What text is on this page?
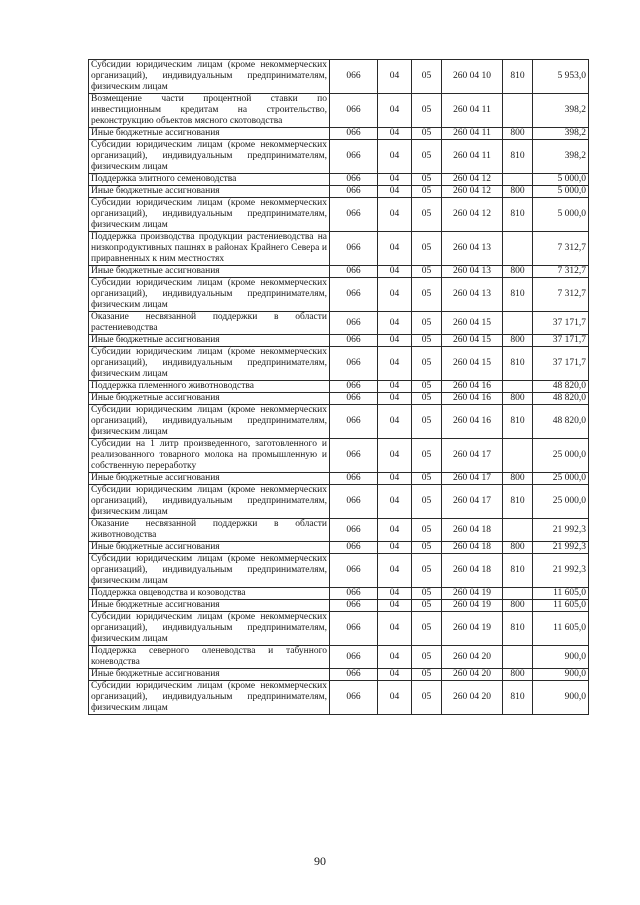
Субсидии юридическим лицам (кроме некоммерческих организаций), индивидуальным предпринимателям, физическим лицам	066	04	05	260 04 10	810	5 953,0
Возмещение части процентной ставки по инвестиционным кредитам на строительство, реконструкцию объектов мясного скотоводства	066	04	05	260 04 11		398,2
Иные бюджетные ассигнования	066	04	05	260 04 11	800	398,2
Субсидии юридическим лицам (кроме некоммерческих организаций), индивидуальным предпринимателям, физическим лицам	066	04	05	260 04 11	810	398,2
Поддержка элитного семеноводства	066	04	05	260 04 12		5 000,0
Иные бюджетные ассигнования	066	04	05	260 04 12	800	5 000,0
Субсидии юридическим лицам (кроме некоммерческих организаций), индивидуальным предпринимателям, физическим лицам	066	04	05	260 04 12	810	5 000,0
Поддержка производства продукции растениеводства на низкопродуктивных пашнях в районах Крайнего Севера и приравненных к ним местностях	066	04	05	260 04 13		7 312,7
Иные бюджетные ассигнования	066	04	05	260 04 13	800	7 312,7
Субсидии юридическим лицам (кроме некоммерческих организаций), индивидуальным предпринимателям, физическим лицам	066	04	05	260 04 13	810	7 312,7
Оказание несвязанной поддержки в области растениеводства	066	04	05	260 04 15		37 171,7
Иные бюджетные ассигнования	066	04	05	260 04 15	800	37 171,7
Субсидии юридическим лицам (кроме некоммерческих организаций), индивидуальным предпринимателям, физическим лицам	066	04	05	260 04 15	810	37 171,7
Поддержка племенного животноводства	066	04	05	260 04 16		48 820,0
Иные бюджетные ассигнования	066	04	05	260 04 16	800	48 820,0
Субсидии юридическим лицам (кроме некоммерческих организаций), индивидуальным предпринимателям, физическим лицам	066	04	05	260 04 16	810	48 820,0
Субсидии на 1 литр произведенного, заготовленного и реализованного товарного молока на промышленную и собственную переработку	066	04	05	260 04 17		25 000,0
Иные бюджетные ассигнования	066	04	05	260 04 17	800	25 000,0
Субсидии юридическим лицам (кроме некоммерческих организаций), индивидуальным предпринимателям, физическим лицам	066	04	05	260 04 17	810	25 000,0
Оказание несвязанной поддержки в области животноводства	066	04	05	260 04 18		21 992,3
Иные бюджетные ассигнования	066	04	05	260 04 18	800	21 992,3
Субсидии юридическим лицам (кроме некоммерческих организаций), индивидуальным предпринимателям, физическим лицам	066	04	05	260 04 18	810	21 992,3
Поддержка овцеводства и козоводства	066	04	05	260 04 19		11 605,0
Иные бюджетные ассигнования	066	04	05	260 04 19	800	11 605,0
Субсидии юридическим лицам (кроме некоммерческих организаций), индивидуальным предпринимателям, физическим лицам	066	04	05	260 04 19	810	11 605,0
Поддержка северного оленеводства и табунного коневодства	066	04	05	260 04 20		900,0
Иные бюджетные ассигнования	066	04	05	260 04 20	800	900,0
Субсидии юридическим лицам (кроме некоммерческих организаций), индивидуальным предпринимателям, физическим лицам	066	04	05	260 04 20	810	900,0
90
